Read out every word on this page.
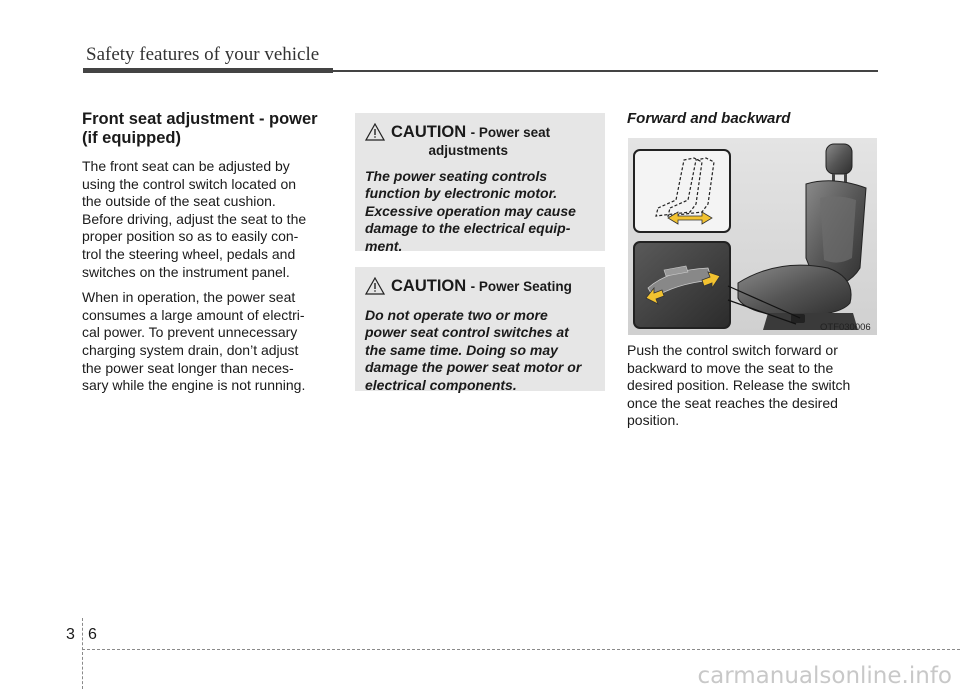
Safety features of your vehicle
Front seat adjustment - power
(if equipped)

The front seat can be adjusted by
using the control switch located on
the outside of the seat cushion.
Before driving, adjust the seat to the
proper position so as to easily con-
trol the steering wheel, pedals and
switches on the instrument panel.

When in operation, the power seat
consumes a large amount of electri-
cal power. To prevent unnecessary
charging system drain, don’t adjust
the power seat longer than neces-
sary while the engine is not running.

CAUTION - Power seat
adjustments
The power seating controls
function by electronic motor.
Excessive operation may cause
damage to the electrical equip-
ment.
CAUTION - Power Seating
Do not operate two or more
power seat control switches at
the same time. Doing so may
damage the power seat motor or
electrical components.
Forward and backward
OTF030006

Push the control switch forward or
backward to move the seat to the
desired position. Release the switch
once the seat reaches the desired
position.

3 6
carmanualsonline.info
